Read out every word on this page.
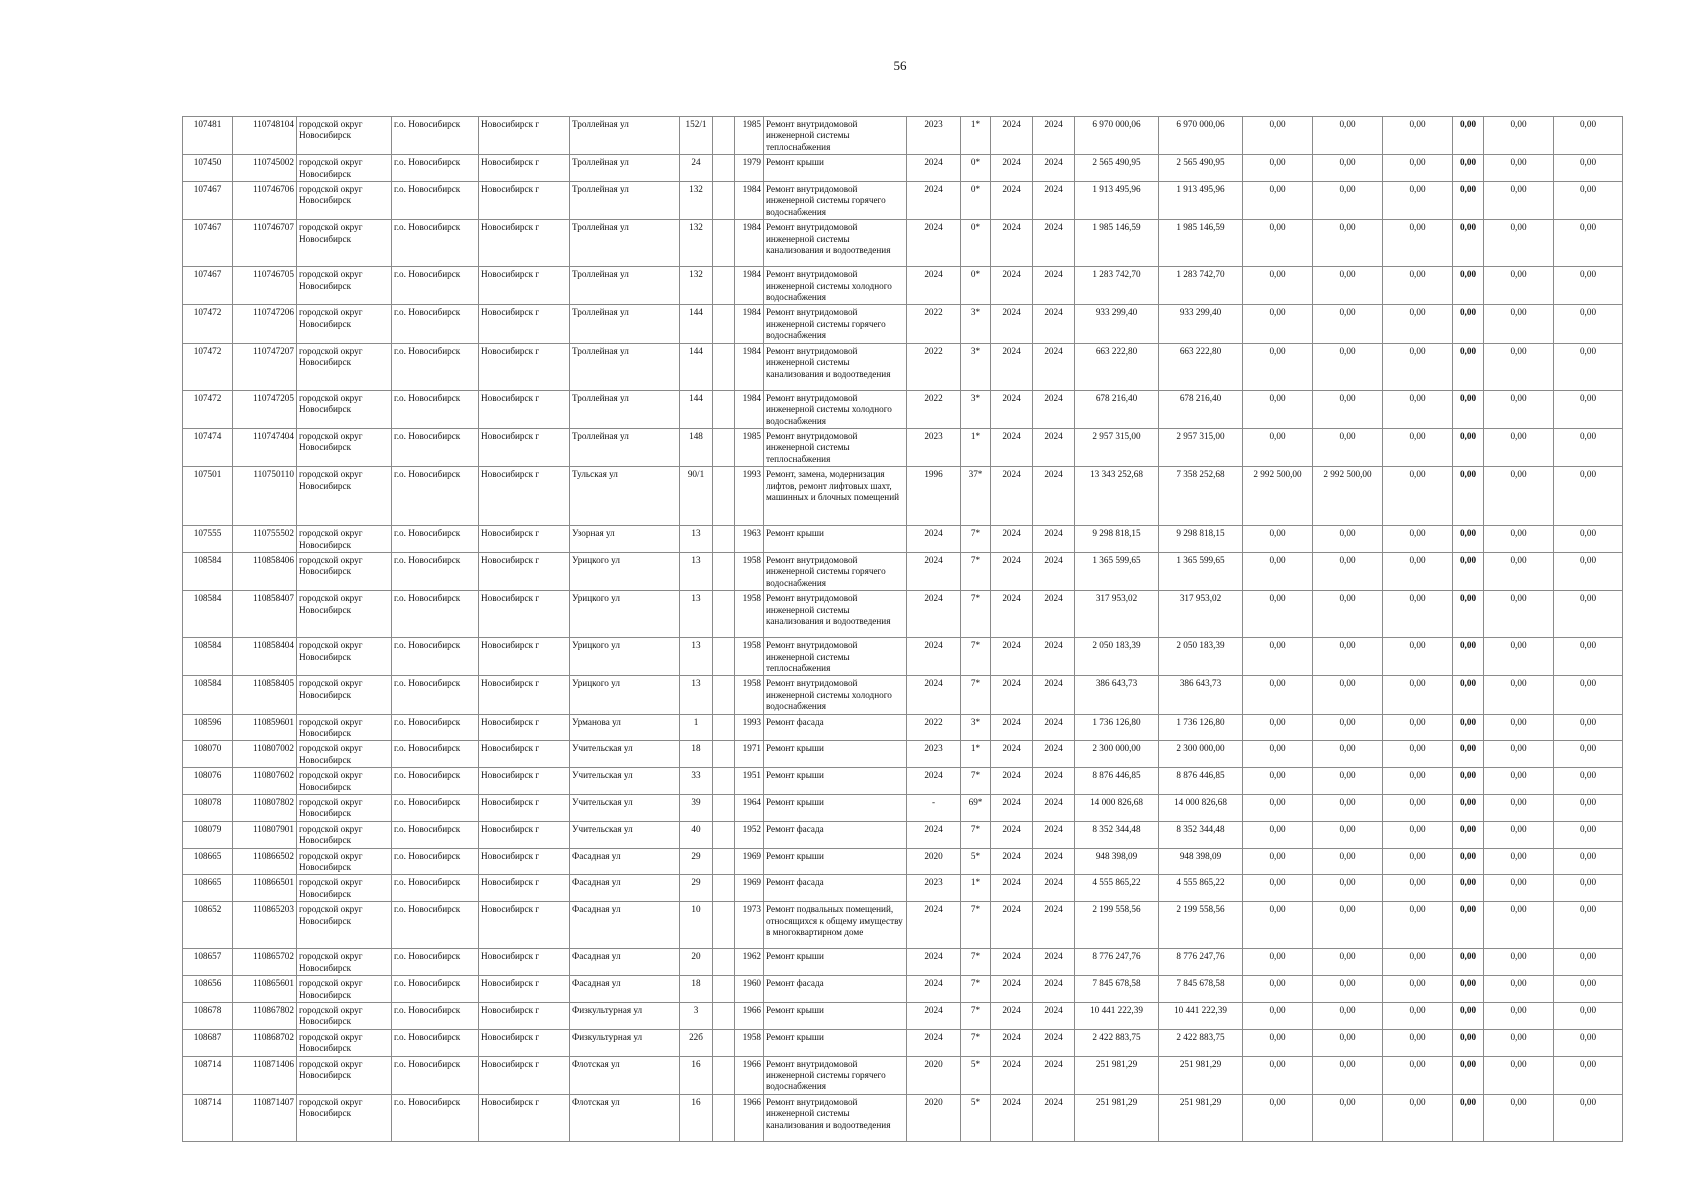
56
107481	110748104	городской округ Новосибирск	г.о. Новосибирск	Новосибирск г	Троллейная ул	152/1		1985	Ремонт внутридомовой инженерной системы теплоснабжения	2023	1*	2024	2024	6 970 000,06	6 970 000,06	0,00	0,00	0,00	0,00	0,00	0,00
107450	110745002	городской округ Новосибирск	г.о. Новосибирск	Новосибирск г	Троллейная ул	24		1979	Ремонт крыши	2024	0*	2024	2024	2 565 490,95	2 565 490,95	0,00	0,00	0,00	0,00	0,00	0,00
107467	110746706	городской округ Новосибирск	г.о. Новосибирск	Новосибирск г	Троллейная ул	132		1984	Ремонт внутридомовой инженерной системы горячего водоснабжения	2024	0*	2024	2024	1 913 495,96	1 913 495,96	0,00	0,00	0,00	0,00	0,00	0,00
107467	110746707	городской округ Новосибирск	г.о. Новосибирск	Новосибирск г	Троллейная ул	132		1984	Ремонт внутридомовой инженерной системы канализования и водоотведения	2024	0*	2024	2024	1 985 146,59	1 985 146,59	0,00	0,00	0,00	0,00	0,00	0,00
107467	110746705	городской округ Новосибирск	г.о. Новосибирск	Новосибирск г	Троллейная ул	132		1984	Ремонт внутридомовой инженерной системы холодного водоснабжения	2024	0*	2024	2024	1 283 742,70	1 283 742,70	0,00	0,00	0,00	0,00	0,00	0,00
107472	110747206	городской округ Новосибирск	г.о. Новосибирск	Новосибирск г	Троллейная ул	144		1984	Ремонт внутридомовой инженерной системы горячего водоснабжения	2022	3*	2024	2024	933 299,40	933 299,40	0,00	0,00	0,00	0,00	0,00	0,00
107472	110747207	городской округ Новосибирск	г.о. Новосибирск	Новосибирск г	Троллейная ул	144		1984	Ремонт внутридомовой инженерной системы канализования и водоотведения	2022	3*	2024	2024	663 222,80	663 222,80	0,00	0,00	0,00	0,00	0,00	0,00
107472	110747205	городской округ Новосибирск	г.о. Новосибирск	Новосибирск г	Троллейная ул	144		1984	Ремонт внутридомовой инженерной системы холодного водоснабжения	2022	3*	2024	2024	678 216,40	678 216,40	0,00	0,00	0,00	0,00	0,00	0,00
107474	110747404	городской округ Новосибирск	г.о. Новосибирск	Новосибирск г	Троллейная ул	148		1985	Ремонт внутридомовой инженерной системы теплоснабжения	2023	1*	2024	2024	2 957 315,00	2 957 315,00	0,00	0,00	0,00	0,00	0,00	0,00
107501	110750110	городской округ Новосибирск	г.о. Новосибирск	Новосибирск г	Тульская ул	90/1		1993	Ремонт, замена, модернизация лифтов, ремонт лифтовых шахт, машинных и блочных помещений	1996	37*	2024	2024	13 343 252,68	7 358 252,68	2 992 500,00	2 992 500,00	0,00	0,00	0,00	0,00
107555	110755502	городской округ Новосибирск	г.о. Новосибирск	Новосибирск г	Узорная ул	13		1963	Ремонт крыши	2024	7*	2024	2024	9 298 818,15	9 298 818,15	0,00	0,00	0,00	0,00	0,00	0,00
108584	110858406	городской округ Новосибирск	г.о. Новосибирск	Новосибирск г	Урицкого ул	13		1958	Ремонт внутридомовой инженерной системы горячего водоснабжения	2024	7*	2024	2024	1 365 599,65	1 365 599,65	0,00	0,00	0,00	0,00	0,00	0,00
108584	110858407	городской округ Новосибирск	г.о. Новосибирск	Новосибирск г	Урицкого ул	13		1958	Ремонт внутридомовой инженерной системы канализования и водоотведения	2024	7*	2024	2024	317 953,02	317 953,02	0,00	0,00	0,00	0,00	0,00	0,00
108584	110858404	городской округ Новосибирск	г.о. Новосибирск	Новосибирск г	Урицкого ул	13		1958	Ремонт внутридомовой инженерной системы теплоснабжения	2024	7*	2024	2024	2 050 183,39	2 050 183,39	0,00	0,00	0,00	0,00	0,00	0,00
108584	110858405	городской округ Новосибирск	г.о. Новосибирск	Новосибирск г	Урицкого ул	13		1958	Ремонт внутридомовой инженерной системы холодного водоснабжения	2024	7*	2024	2024	386 643,73	386 643,73	0,00	0,00	0,00	0,00	0,00	0,00
108596	110859601	городской округ Новосибирск	г.о. Новосибирск	Новосибирск г	Урманова ул	1		1993	Ремонт фасада	2022	3*	2024	2024	1 736 126,80	1 736 126,80	0,00	0,00	0,00	0,00	0,00	0,00
108070	110807002	городской округ Новосибирск	г.о. Новосибирск	Новосибирск г	Учительская ул	18		1971	Ремонт крыши	2023	1*	2024	2024	2 300 000,00	2 300 000,00	0,00	0,00	0,00	0,00	0,00	0,00
108076	110807602	городской округ Новосибирск	г.о. Новосибирск	Новосибирск г	Учительская ул	33		1951	Ремонт крыши	2024	7*	2024	2024	8 876 446,85	8 876 446,85	0,00	0,00	0,00	0,00	0,00	0,00
108078	110807802	городской округ Новосибирск	г.о. Новосибирск	Новосибирск г	Учительская ул	39		1964	Ремонт крыши	-	69*	2024	2024	14 000 826,68	14 000 826,68	0,00	0,00	0,00	0,00	0,00	0,00
108079	110807901	городской округ Новосибирск	г.о. Новосибирск	Новосибирск г	Учительская ул	40		1952	Ремонт фасада	2024	7*	2024	2024	8 352 344,48	8 352 344,48	0,00	0,00	0,00	0,00	0,00	0,00
108665	110866502	городской округ Новосибирск	г.о. Новосибирск	Новосибирск г	Фасадная ул	29		1969	Ремонт крыши	2020	5*	2024	2024	948 398,09	948 398,09	0,00	0,00	0,00	0,00	0,00	0,00
108665	110866501	городской округ Новосибирск	г.о. Новосибирск	Новосибирск г	Фасадная ул	29		1969	Ремонт фасада	2023	1*	2024	2024	4 555 865,22	4 555 865,22	0,00	0,00	0,00	0,00	0,00	0,00
108652	110865203	городской округ Новосибирск	г.о. Новосибирск	Новосибирск г	Фасадная ул	10		1973	Ремонт подвальных помещений, относящихся к общему имуществу в многоквартирном доме	2024	7*	2024	2024	2 199 558,56	2 199 558,56	0,00	0,00	0,00	0,00	0,00	0,00
108657	110865702	городской округ Новосибирск	г.о. Новосибирск	Новосибирск г	Фасадная ул	20		1962	Ремонт крыши	2024	7*	2024	2024	8 776 247,76	8 776 247,76	0,00	0,00	0,00	0,00	0,00	0,00
108656	110865601	городской округ Новосибирск	г.о. Новосибирск	Новосибирск г	Фасадная ул	18		1960	Ремонт фасада	2024	7*	2024	2024	7 845 678,58	7 845 678,58	0,00	0,00	0,00	0,00	0,00	0,00
108678	110867802	городской округ Новосибирск	г.о. Новосибирск	Новосибирск г	Физкультурная ул	3		1966	Ремонт крыши	2024	7*	2024	2024	10 441 222,39	10 441 222,39	0,00	0,00	0,00	0,00	0,00	0,00
108687	110868702	городской округ Новосибирск	г.о. Новосибирск	Новосибирск г	Физкультурная ул	22б		1958	Ремонт крыши	2024	7*	2024	2024	2 422 883,75	2 422 883,75	0,00	0,00	0,00	0,00	0,00	0,00
108714	110871406	городской округ Новосибирск	г.о. Новосибирск	Новосибирск г	Флотская ул	16		1966	Ремонт внутридомовой инженерной системы горячего водоснабжения	2020	5*	2024	2024	251 981,29	251 981,29	0,00	0,00	0,00	0,00	0,00	0,00
108714	110871407	городской округ Новосибирск	г.о. Новосибирск	Новосибирск г	Флотская ул	16		1966	Ремонт внутридомовой инженерной системы канализования и водоотведения	2020	5*	2024	2024	251 981,29	251 981,29	0,00	0,00	0,00	0,00	0,00	0,00
